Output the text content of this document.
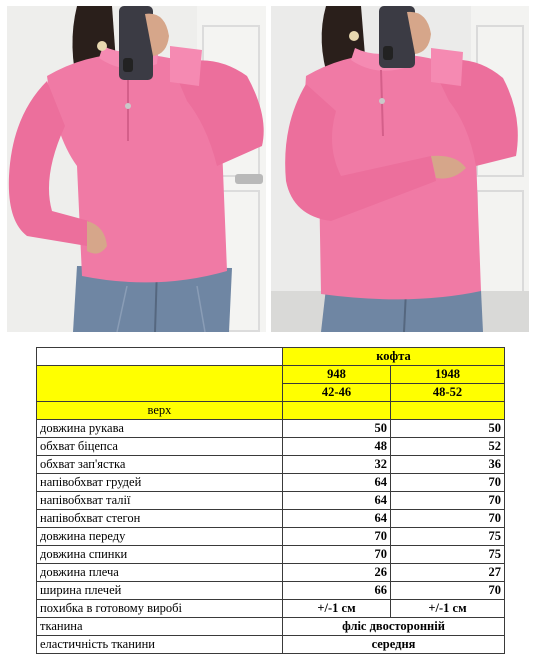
	кофта	
	948	1948
	42-46	48-52
верх		
довжина рукава	50	50
обхват біцепса	48	52
обхват зап'ястка	32	36
напівобхват грудей	64	70
напівобхват талії	64	70
напівобхват стегон	64	70
довжина переду	70	75
довжина спинки	70	75
довжина плеча	26	27
ширина плечей	66	70
похибка в готовому виробі	+/-1 см	+/-1 см
тканина	фліс двосторонній	
еластичність тканини	середня	
